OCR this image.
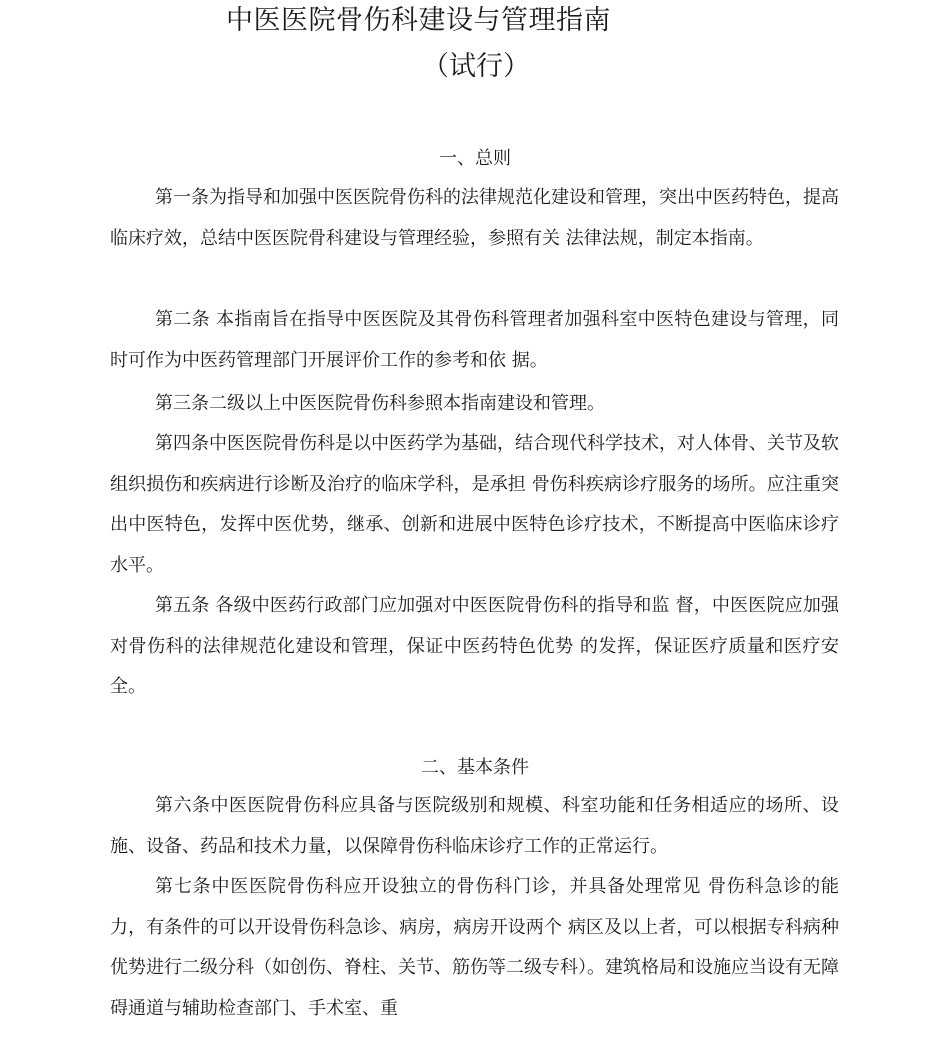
中医医院骨伤科建设与管理指南
（试行）
一、总则

第一条为指导和加强中医医院骨伤科的法律规范化建设和管理，突出中医药特色，提高临床疗效，总结中医医院骨科建设与管理经验，参照有关 法律法规，制定本指南。

第二条 本指南旨在指导中医医院及其骨伤科管理者加强科室中医特色建设与管理，同时可作为中医药管理部门开展评价工作的参考和依 据。

第三条二级以上中医医院骨伤科参照本指南建设和管理。

第四条中医医院骨伤科是以中医药学为基础，结合现代科学技术，对人体骨、关节及软组织损伤和疾病进行诊断及治疗的临床学科，是承担 骨伤科疾病诊疗服务的场所。应注重突出中医特色，发挥中医优势，继承、创新和进展中医特色诊疗技术，不断提高中医临床诊疗水平。

第五条 各级中医药行政部门应加强对中医医院骨伤科的指导和监 督，中医医院应加强对骨伤科的法律规范化建设和管理，保证中医药特色优势 的发挥，保证医疗质量和医疗安全。

二、基本条件

第六条中医医院骨伤科应具备与医院级别和规模、科室功能和任务相适应的场所、设施、设备、药品和技术力量，以保障骨伤科临床诊疗工作的正常运行。

第七条中医医院骨伤科应开设独立的骨伤科门诊，并具备处理常见 骨伤科急诊的能力，有条件的可以开设骨伤科急诊、病房，病房开设两个 病区及以上者，可以根据专科病种优势进行二级分科（如创伤、脊柱、关节、筋伤等二级专科）。建筑格局和设施应当设有无障碍通道与辅助检查部门、手术室、重
